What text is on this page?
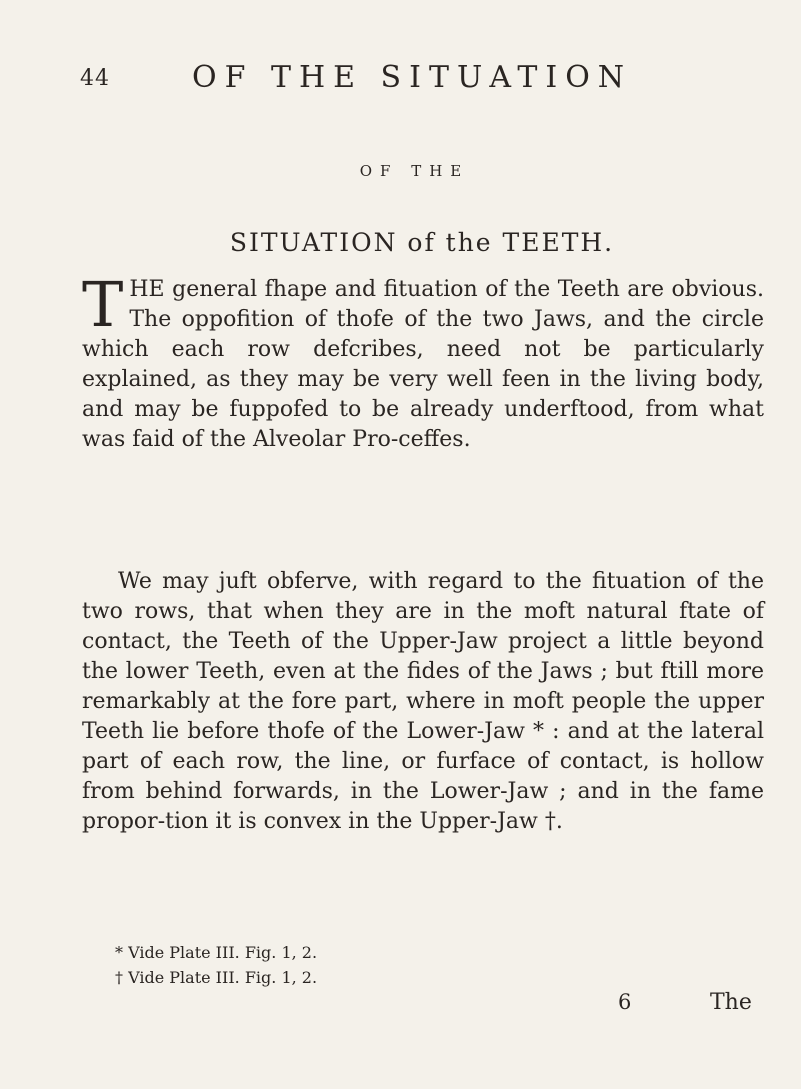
44	OF THE SITUATION
OF THE
SITUATION of the TEETH.
THE general fhape and fituation of the Teeth are obvious. The oppofition of thofe of the two Jaws, and the circle which each row defcribes, need not be particularly explained, as they may be very well feen in the living body, and may be fuppofed to be already underftood, from what was faid of the Alveolar Pro-ceffes.
We may juft obferve, with regard to the fituation of the two rows, that when they are in the moft natural ftate of contact, the Teeth of the Upper-Jaw project a little beyond the lower Teeth, even at the fides of the Jaws ; but ftill more remarkably at the fore part, where in moft people the upper Teeth lie before thofe of the Lower-Jaw * : and at the lateral part of each row, the line, or furface of contact, is hollow from behind forwards, in the Lower-Jaw ; and in the fame propor-tion it is convex in the Upper-Jaw †.
* Vide Plate III. Fig. 1, 2.
† Vide Plate III. Fig. 1, 2.
6	The
